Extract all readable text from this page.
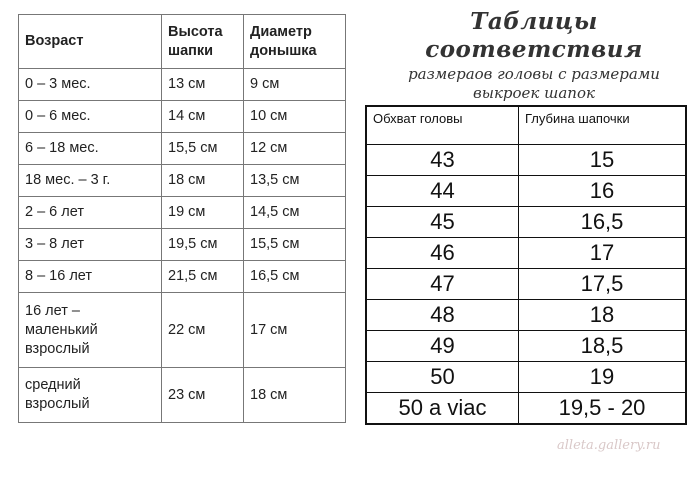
Возраст	Высота шапки	Диаметр донышка
0 – 3 мес.	13 см	9 см
0 – 6 мес.	14 см	10 см
6 – 18 мес.	15,5 см	12 см
18 мес. – 3 г.	18 см	13,5 см
2 – 6 лет	19 см	14,5 см
3 – 8 лет	19,5 см	15,5 см
8 – 16 лет	21,5 см	16,5 см
16 лет – маленький взрослый	22 см	17 см
средний взрослый	23 см	18 см
Таблицы соответствия
размераов головы с размерами
выкроек шапок
Обхват головы	Глубина шапочки
43	15
44	16
45	16,5
46	17
47	17,5
48	18
49	18,5
50	19
50 a viac	19,5 - 20
alleta.gallery.ru
